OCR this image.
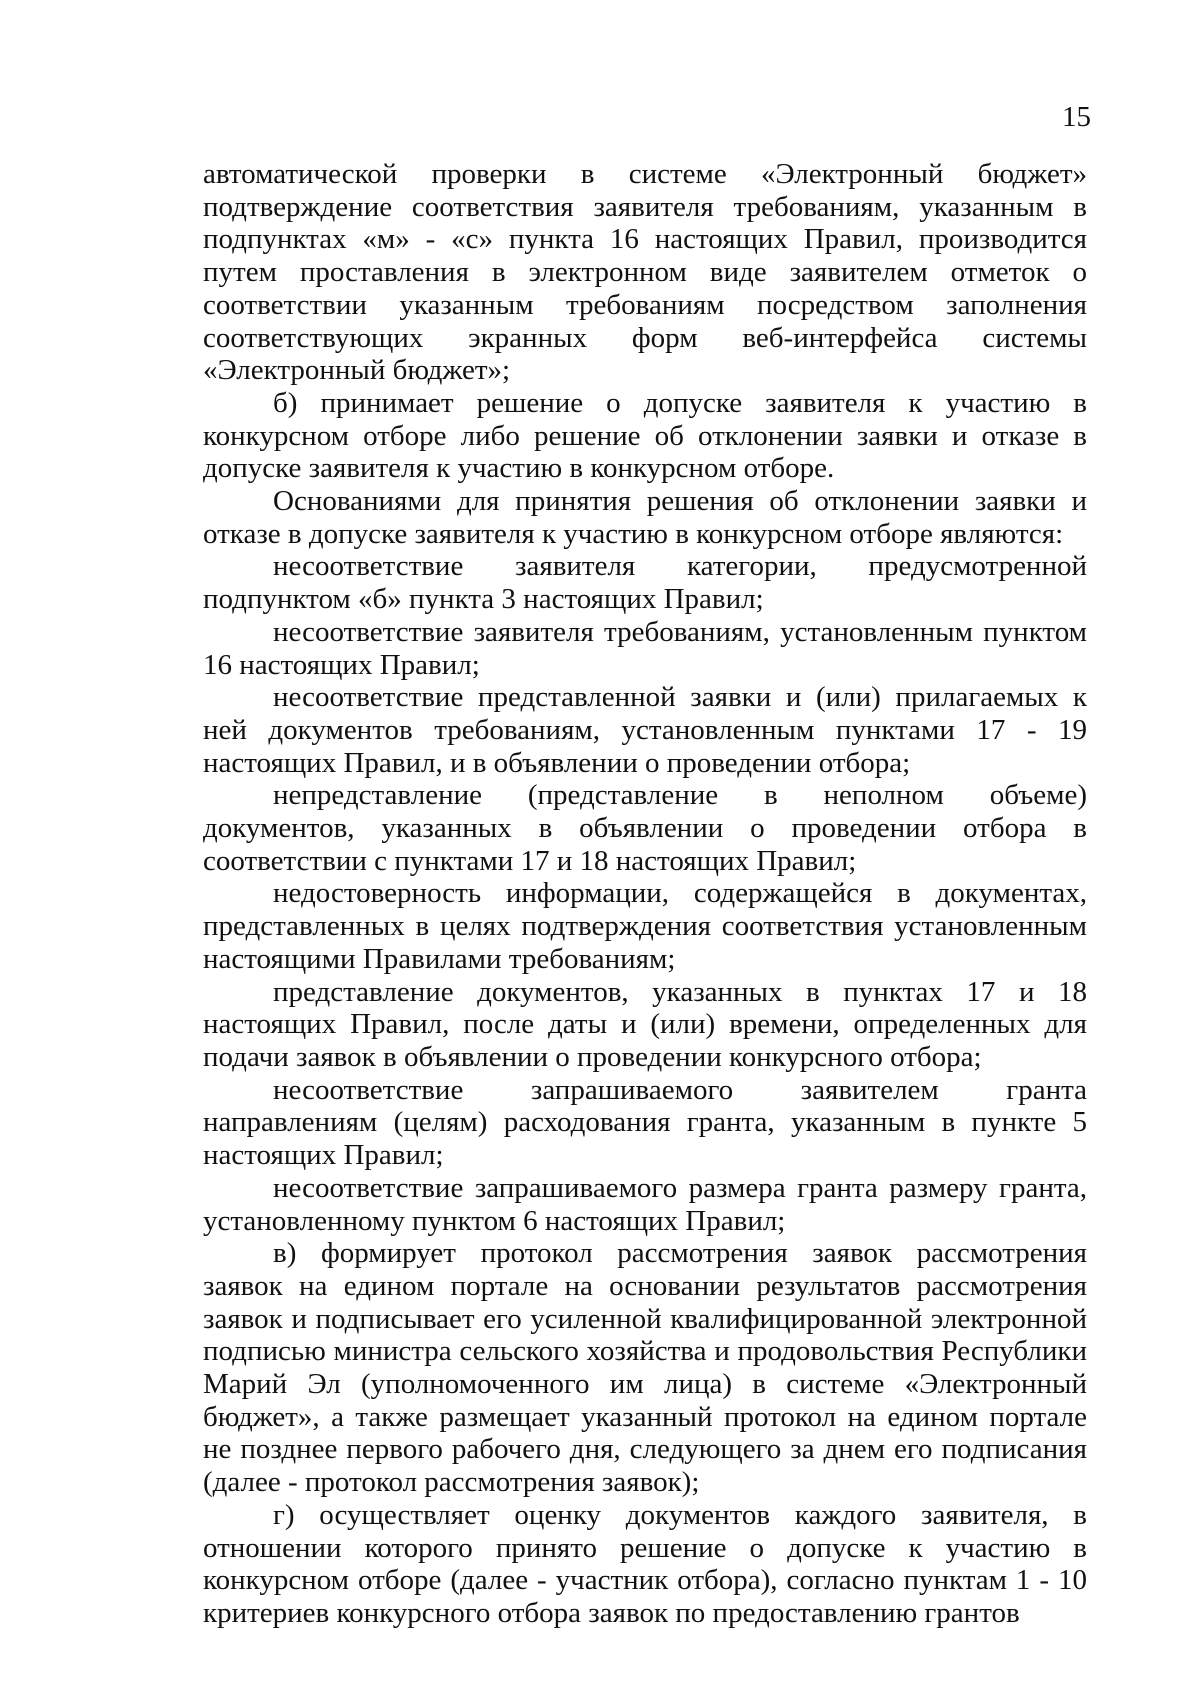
15

автоматической проверки в системе «Электронный бюджет» подтверждение соответствия заявителя требованиям, указанным в подпунктах «м» - «с» пункта 16 настоящих Правил, производится путем проставления в электронном виде заявителем отметок о соответствии указанным требованиям посредством заполнения соответствующих экранных форм веб-интерфейса системы «Электронный бюджет»;

б) принимает решение о допуске заявителя к участию в конкурсном отборе либо решение об отклонении заявки и отказе в допуске заявителя к участию в конкурсном отборе.

Основаниями для принятия решения об отклонении заявки и отказе в допуске заявителя к участию в конкурсном отборе являются:

несоответствие заявителя категории, предусмотренной подпунктом «б» пункта 3 настоящих Правил;

несоответствие заявителя требованиям, установленным пунктом 16 настоящих Правил;

несоответствие представленной заявки и (или) прилагаемых к ней документов требованиям, установленным пунктами 17 - 19 настоящих Правил, и в объявлении о проведении отбора;

непредставление (представление в неполном объеме) документов, указанных в объявлении о проведении отбора в соответствии с пунктами 17 и 18 настоящих Правил;

недостоверность информации, содержащейся в документах, представленных в целях подтверждения соответствия установленным настоящими Правилами требованиям;

представление документов, указанных в пунктах 17 и 18 настоящих Правил, после даты и (или) времени, определенных для подачи заявок в объявлении о проведении конкурсного отбора;

несоответствие запрашиваемого заявителем гранта направлениям (целям) расходования гранта, указанным в пункте 5 настоящих Правил;

несоответствие запрашиваемого размера гранта размеру гранта, установленному пунктом 6 настоящих Правил;

в) формирует протокол рассмотрения заявок рассмотрения заявок на едином портале на основании результатов рассмотрения заявок и подписывает его усиленной квалифицированной электронной подписью министра сельского хозяйства и продовольствия Республики Марий Эл (уполномоченного им лица) в системе «Электронный бюджет», а также размещает указанный протокол на едином портале не позднее первого рабочего дня, следующего за днем его подписания (далее - протокол рассмотрения заявок);

г) осуществляет оценку документов каждого заявителя, в отношении которого принято решение о допуске к участию в конкурсном отборе (далее - участник отбора), согласно пунктам 1 - 10 критериев конкурсного отбора заявок по предоставлению грантов
